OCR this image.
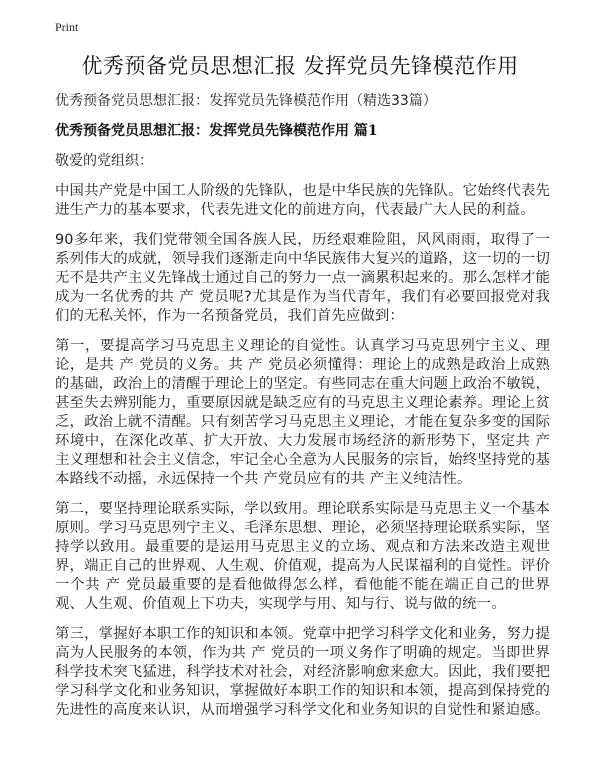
Print
优秀预备党员思想汇报 发挥党员先锋模范作用

优秀预备党员思想汇报：发挥党员先锋模范作用（精选33篇）

优秀预备党员思想汇报：发挥党员先锋模范作用 篇1

敬爱的党组织：

中国共产党是中国工人阶级的先锋队，也是中华民族的先锋队。它始终代表先进生产力的基本要求，代表先进文化的前进方向，代表最广大人民的利益。

90多年来，我们党带领全国各族人民，历经艰难险阻，风风雨雨，取得了一系列伟大的成就，领导我们逐渐走向中华民族伟大复兴的道路，这一切的一切无不是共产主义先锋战士通过自己的努力一点一滴累积起来的。那么怎样才能成为一名优秀的共 产 党员呢?尤其是作为当代青年，我们有必要回报党对我们的无私关怀，作为一名预备党员，我们首先应做到：

第一，要提高学习马克思主义理论的自觉性。认真学习马克思列宁主义、理论，是共 产 党员的义务。共 产 党员必须懂得：理论上的成熟是政治上成熟的基础，政治上的清醒于理论上的坚定。有些同志在重大问题上政治不敏锐，甚至失去辨别能力，重要原因就是缺乏应有的马克思主义理论素养。理论上贫乏，政治上就不清醒。只有刻苦学习马克思主义理论，才能在复杂多变的国际环境中，在深化改革、扩大开放、大力发展市场经济的新形势下，坚定共 产主义理想和社会主义信念，牢记全心全意为人民服务的宗旨，始终坚持党的基本路线不动摇，永远保持一个共 产党员应有的共 产主义纯洁性。

第二，要坚持理论联系实际，学以致用。理论联系实际是马克思主义一个基本原则。学习马克思列宁主义、毛泽东思想、理论，必须坚持理论联系实际，坚持学以致用。最重要的是运用马克思主义的立场、观点和方法来改造主观世界，端正自己的世界观、人生观、价值观，提高为人民谋福利的自觉性。评价一个共 产 党员最重要的是看他做得怎么样，看他能不能在端正自己的世界观、人生观、价值观上下功夫，实现学与用、知与行、说与做的统一。

第三，掌握好本职工作的知识和本领。党章中把学习科学文化和业务，努力提高为人民服务的本领，作为共 产 党员的一项义务作了明确的规定。当即世界科学技术突飞猛进，科学技术对社会，对经济影响愈来愈大。因此，我们要把学习科学文化和业务知识，掌握做好本职工作的知识和本领，提高到保持党的先进性的高度来认识，从而增强学习科学文化和业务知识的自觉性和紧迫感。
